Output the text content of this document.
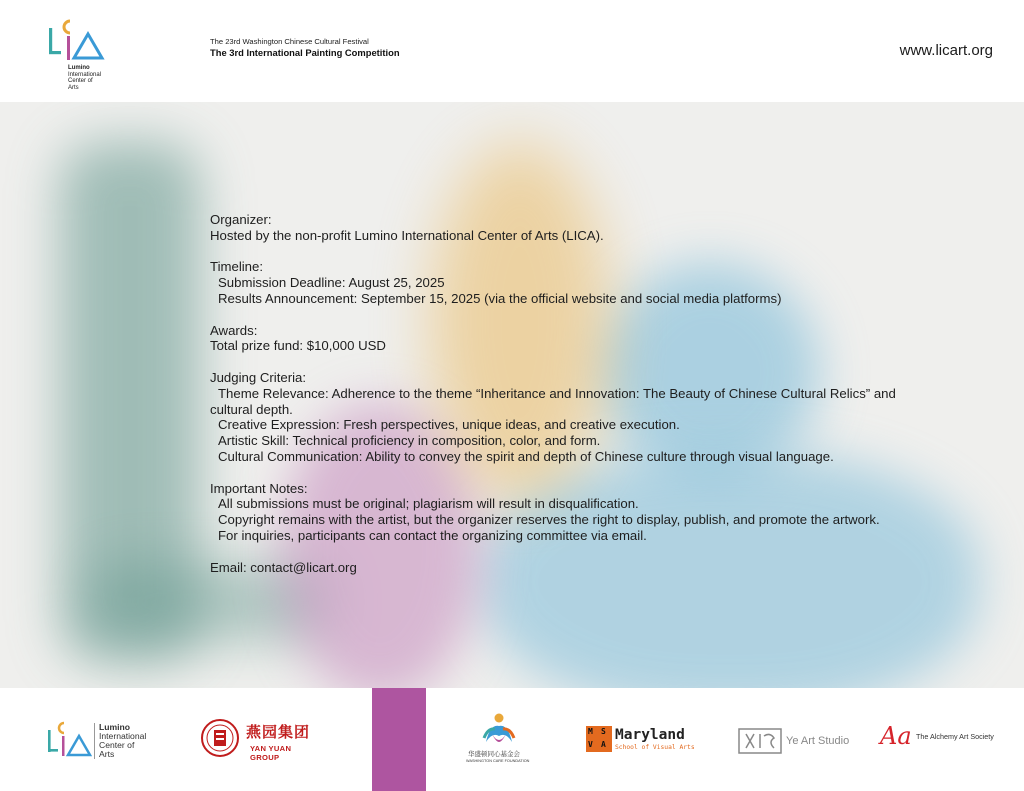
Lumino
International
Center of
Arts
The 23rd Washington Chinese Cultural Festival
The 3rd International Painting Competition	www.licart.org

Organizer:

Hosted by the non-profit Lumino International Center of Arts (LICA).

Timeline:

Submission Deadline: August 25, 2025

Results Announcement: September 15, 2025 (via the official website and social media platforms)

Awards:

Total prize fund: $10,000 USD

Judging Criteria:

Theme Relevance: Adherence to the theme “Inheritance and Innovation: The Beauty of Chinese Cultural Relics” and

cultural depth.

Creative Expression: Fresh perspectives, unique ideas, and creative execution.

Artistic Skill: Technical proficiency in composition, color, and form.

Cultural Communication: Ability to convey the spirit and depth of Chinese culture through visual language.

Important Notes:

All submissions must be original; plagiarism will result in disqualification.

Copyright remains with the artist, but the organizer reserves the right to display, publish, and promote the artwork.

For inquiries, participants can contact the organizing committee via email.

Email: contact@licart.org

Lumino
International
Center of
Arts
燕园集团
YAN YUAN GROUP	华盛顿同心基金会
WASHINGTON CARE FOUNDATION
M S
V A
Maryland
School of Visual Arts
Ye Art Studio Aa The Alchemy Art Society
